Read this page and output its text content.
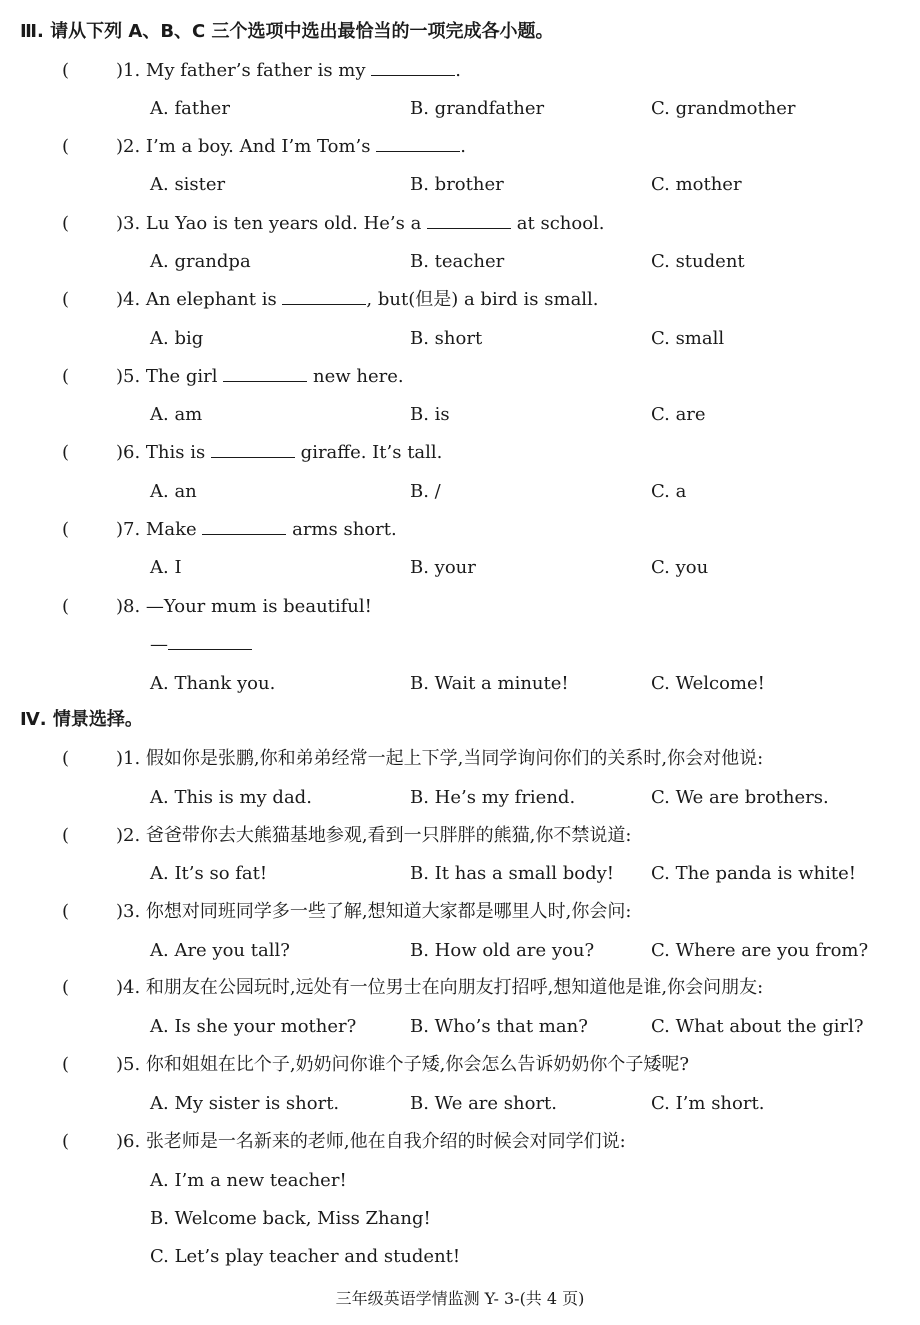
Ⅲ. 请从下列 A、B、C 三个选项中选出最恰当的一项完成各小题。
(	)1. My father’s father is my	.
A. father	B. grandfather	C. grandmother
(	)2. I’m a boy. And I’m Tom’s	.
A. sister	B. brother	C. mother
(	)3. Lu Yao is ten years old. He’s a	at school.
A. grandpa	B. teacher	C. student
(	)4. An elephant is	, but(但是) a bird is small.
A. big	B. short	C. small
(	)5. The girl	new here.
A. am	B. is	C. are
(	)6. This is	giraffe. It’s tall.
A. an	B. /	C. a
(	)7. Make	arms short.
A. I	B. your	C. you
(	)8. —Your mum is beautiful!
—
A. Thank you.	B. Wait a minute!	C. Welcome!
Ⅳ. 情景选择。
(	)1. 假如你是张鹏,你和弟弟经常一起上下学,当同学询问你们的关系时,你会对他说:
A. This is my dad.	B. He’s my friend.	C. We are brothers.
(	)2. 爸爸带你去大熊猫基地参观,看到一只胖胖的熊猫,你不禁说道:
A. It’s so fat!	B. It has a small body! C. The panda is white!
(	)3. 你想对同班同学多一些了解,想知道大家都是哪里人时,你会问:
A. Are you tall?	B. How old are you?	C. Where are you from?
(	)4. 和朋友在公园玩时,远处有一位男士在向朋友打招呼,想知道他是谁,你会问朋友:
A. Is she your mother?	B. Who’s that man?	C. What about the girl?
(	)5. 你和姐姐在比个子,奶奶问你谁个子矮,你会怎么告诉奶奶你个子矮呢?
A. My sister is short.	B. We are short.	C. I’m short.
(	)6. 张老师是一名新来的老师,他在自我介绍的时候会对同学们说:
A. I’m a new teacher!
B. Welcome back, Miss Zhang!
C. Let’s play teacher and student!
三年级英语学情监测 Y- 3-(共 4 页)
